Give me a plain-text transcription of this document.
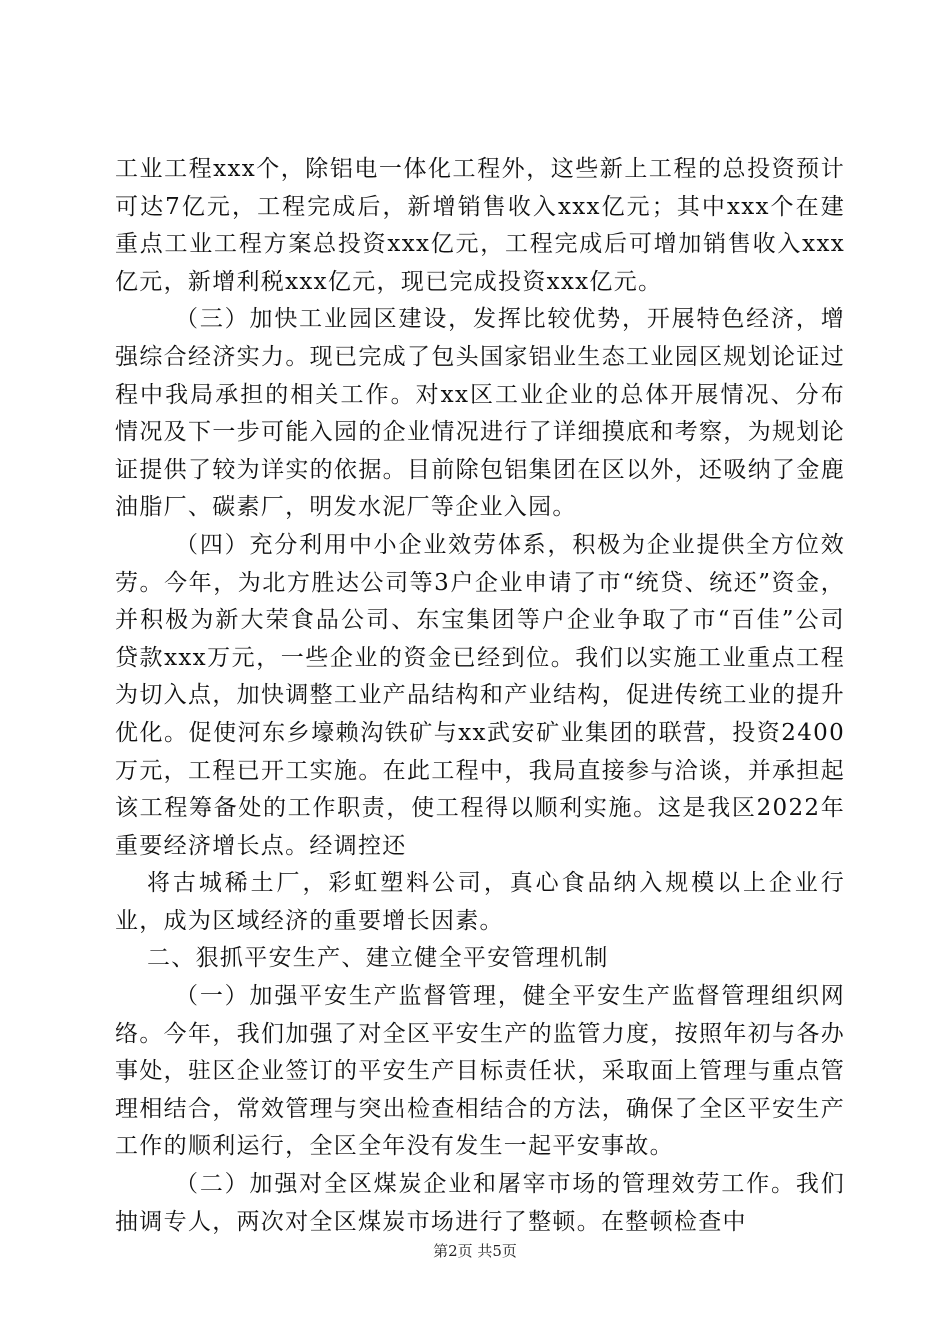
工业工程xxx个，除铝电一体化工程外，这些新上工程的总投资预计可达7亿元，工程完成后，新增销售收入xxx亿元；其中xxx个在建重点工业工程方案总投资xxx亿元，工程完成后可增加销售收入xxx亿元，新增利税xxx亿元，现已完成投资xxx亿元。

（三）加快工业园区建设，发挥比较优势，开展特色经济，增强综合经济实力。现已完成了包头国家铝业生态工业园区规划论证过程中我局承担的相关工作。对xx区工业企业的总体开展情况、分布情况及下一步可能入园的企业情况进行了详细摸底和考察，为规划论证提供了较为详实的依据。目前除包铝集团在区以外，还吸纳了金鹿油脂厂、碳素厂，明发水泥厂等企业入园。

（四）充分利用中小企业效劳体系，积极为企业提供全方位效劳。今年，为北方胜达公司等3户企业申请了市“统贷、统还”资金，并积极为新大荣食品公司、东宝集团等户企业争取了市“百佳”公司贷款xxx万元，一些企业的资金已经到位。我们以实施工业重点工程为切入点，加快调整工业产品结构和产业结构，促进传统工业的提升优化。促使河东乡壕赖沟铁矿与xx武安矿业集团的联营，投资2400万元，工程已开工实施。在此工程中，我局直接参与洽谈，并承担起该工程筹备处的工作职责，使工程得以顺利实施。这是我区2022年重要经济增长点。经调控还

将古城稀土厂，彩虹塑料公司，真心食品纳入规模以上企业行业，成为区域经济的重要增长因素。

二、狠抓平安生产、建立健全平安管理机制

（一）加强平安生产监督管理，健全平安生产监督管理组织网络。今年，我们加强了对全区平安生产的监管力度，按照年初与各办事处，驻区企业签订的平安生产目标责任状，采取面上管理与重点管理相结合，常效管理与突出检查相结合的方法，确保了全区平安生产工作的顺利运行，全区全年没有发生一起平安事故。

（二）加强对全区煤炭企业和屠宰市场的管理效劳工作。我们抽调专人，两次对全区煤炭市场进行了整顿。在整顿检查中

第2页 共5页
